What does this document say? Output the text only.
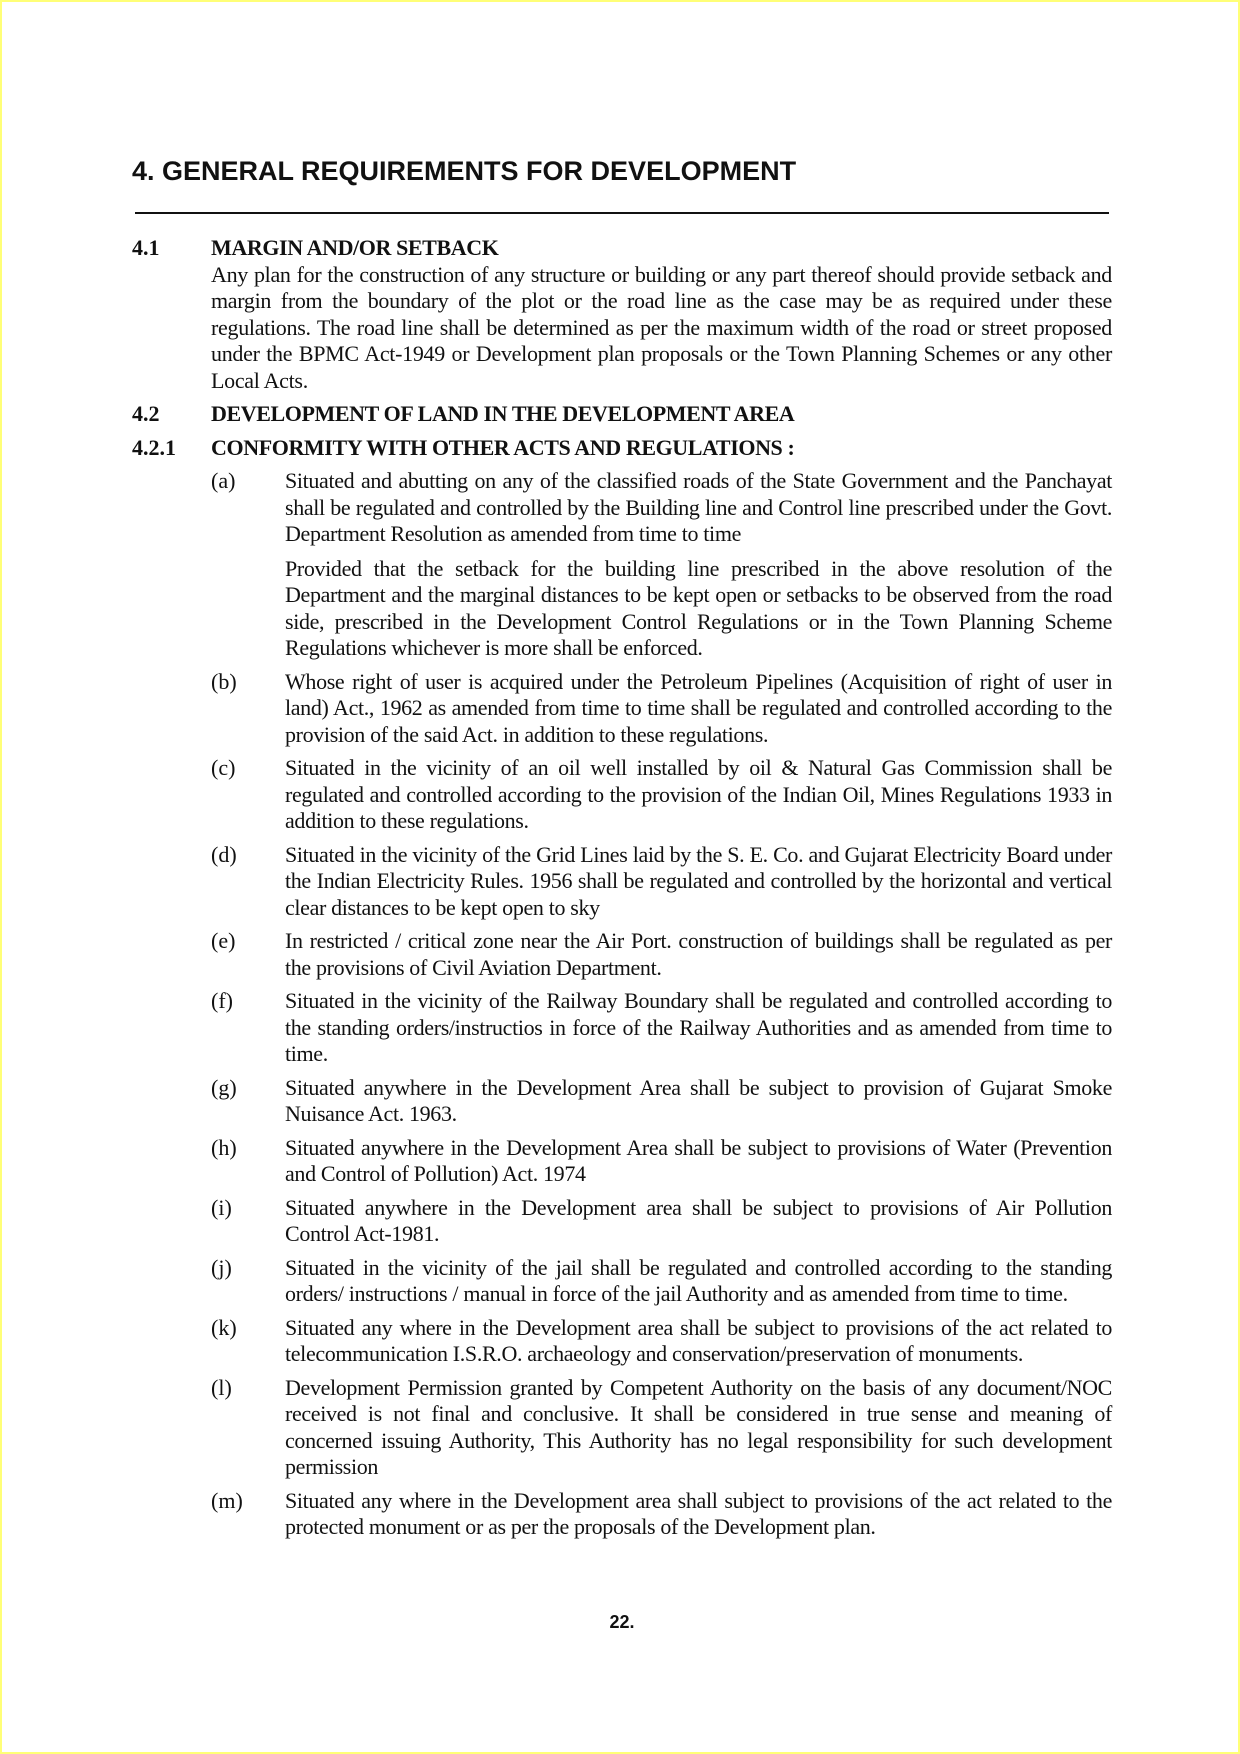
4. GENERAL REQUIREMENTS FOR DEVELOPMENT
4.1	MARGIN AND/OR SETBACK

Any plan for the construction of any structure or building or any part thereof should provide setback and margin from the boundary of the plot or the road line as the case may be as required under these regulations. The road line shall be determined as per the maximum width of the road or street proposed under the BPMC Act-1949 or Development plan proposals or the Town Planning Schemes or any other Local Acts.

4.2	DEVELOPMENT OF LAND IN THE DEVELOPMENT AREA
4.2.1	CONFORMITY WITH OTHER ACTS AND REGULATIONS :
(a)	Situated and abutting on any of the classified roads of the State Government and the Panchayat shall be regulated and controlled by the Building line and Control line prescribed under the Govt. Department Resolution as amended from time to time

Provided that the setback for the building line prescribed in the above resolution of the Department and the marginal distances to be kept open or setbacks to be observed from the road side, prescribed in the Development Control Regulations or in the Town Planning Scheme Regulations whichever is more shall be enforced.

(b)	Whose right of user is acquired under the Petroleum Pipelines (Acquisition of right of user in land) Act., 1962 as amended from time to time shall be regulated and controlled according to the provision of the said Act. in addition to these regulations.

(c)	Situated in the vicinity of an oil well installed by oil & Natural Gas Commission shall be regulated and controlled according to the provision of the Indian Oil, Mines Regulations 1933 in addition to these regulations.

(d)	Situated in the vicinity of the Grid Lines laid by the S. E. Co. and Gujarat Electricity Board under the Indian Electricity Rules. 1956 shall be regulated and controlled by the horizontal and vertical clear distances to be kept open to sky

(e)	In restricted / critical zone near the Air Port. construction of buildings shall be regulated as per the provisions of Civil Aviation Department.

(f)	Situated in the vicinity of the Railway Boundary shall be regulated and controlled according to the standing orders/instructios in force of the Railway Authorities and as amended from time to time.

(g)	Situated anywhere in the Development Area shall be subject to provision of Gujarat Smoke Nuisance Act. 1963.

(h)	Situated anywhere in the Development Area shall be subject to provisions of Water (Prevention and Control of Pollution) Act. 1974

(i)	Situated anywhere in the Development area shall be subject to provisions of Air Pollution Control Act-1981.

(j)	Situated in the vicinity of the jail shall be regulated and controlled according to the standing orders/ instructions / manual in force of the jail Authority and as amended from time to time.

(k)	Situated any where in the Development area shall be subject to provisions of the act related to telecommunication I.S.R.O. archaeology and conservation/preservation of monuments.

(l)	Development Permission granted by Competent Authority on the basis of any document/NOC received is not final and conclusive. It shall be considered in true sense and meaning of concerned issuing Authority, This Authority has no legal responsibility for such development permission

(m)	Situated any where in the Development area shall subject to provisions of the act related to the protected monument or as per the proposals of the Development plan.

22.
